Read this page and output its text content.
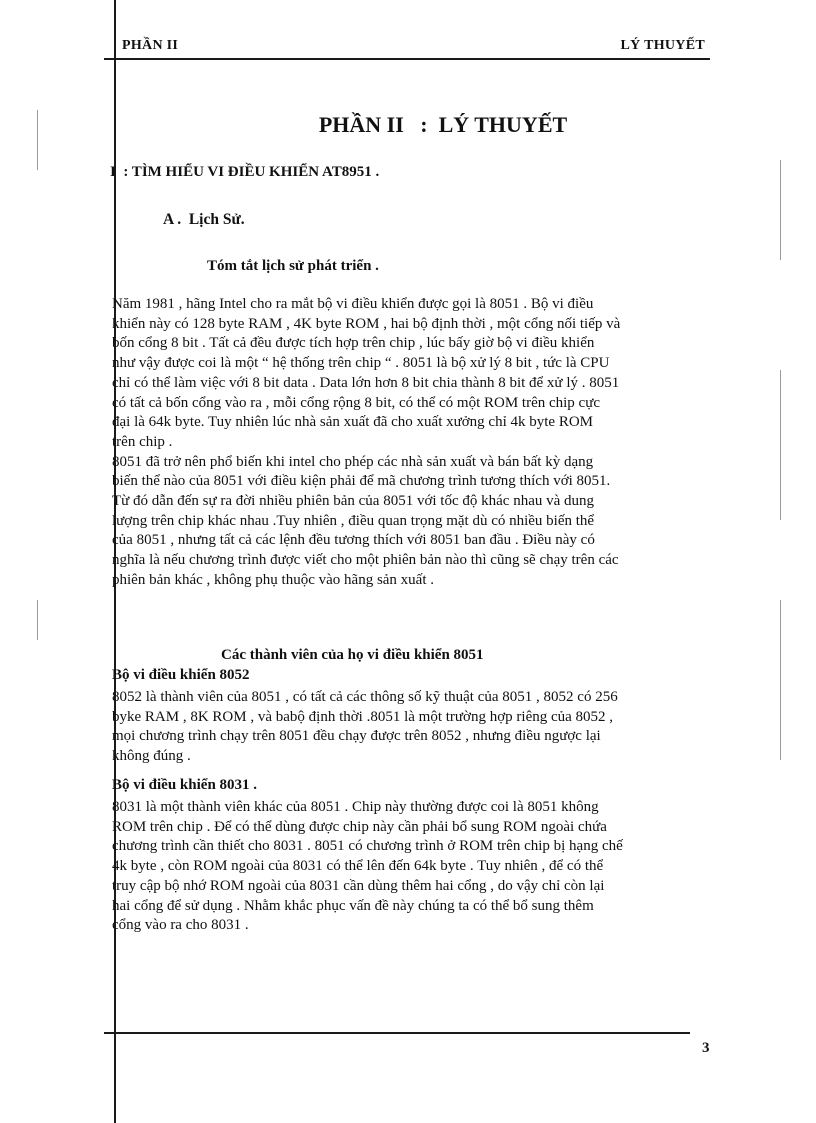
PHẦN II	LÝ THUYẾT
PHẦN II   :  LÝ THUYẾT
I  : TÌM HIỂU VI ĐIỀU KHIỂN AT8951 .
A .  Lịch Sử.
Tóm tắt lịch sử phát triển .
Năm 1981 , hãng Intel cho ra mắt bộ vi điều khiển được gọi là 8051 . Bộ vi điều
khiển này có 128 byte RAM , 4K byte ROM , hai bộ định thời , một cổng nối tiếp và
bốn cổng 8 bit . Tất cả đều được tích hợp trên chip , lúc bấy giờ bộ vi điều khiển
như vậy được coi là một “ hệ thống trên chip “ . 8051 là bộ xử lý 8 bit , tức là CPU
chỉ có thể làm việc với 8 bit data . Data lớn hơn 8 bit chia thành 8 bit để xử lý . 8051
có tất cả bốn cổng vào ra , mỗi cổng rộng 8 bit, có thể có một ROM trên chip cực
đại là 64k byte. Tuy nhiên lúc nhà sản xuất đã cho xuất xưởng chỉ 4k byte ROM
trên chip .
8051 đã trở nên phổ biến khi intel cho phép các nhà sản xuất và bán bất kỳ dạng
biến thể nào của 8051 với điều kiện phải để mã chương trình tương thích với 8051.
Từ đó dẫn đến sự ra đời nhiều phiên bản của 8051 với tốc độ khác nhau và dung
lượng trên chip khác nhau .Tuy nhiên , điều quan trọng mặt dù có nhiều biến thể
của 8051 , nhưng tất cả các lệnh đều tương thích với 8051 ban đầu . Điều này có
nghĩa là nếu chương trình được viết cho một phiên bản nào thì cũng sẽ chạy trên các
phiên bản khác , không phụ thuộc vào hãng sản xuất .
Các thành viên của họ vi điều khiển 8051
Bộ vi điều khiển 8052
8052 là thành viên của 8051 , có tất cả các thông số kỹ thuật của 8051 , 8052 có 256
byke RAM , 8K ROM , và babộ định thời .8051 là một trường hợp riêng của 8052 ,
mọi chương trình chạy trên 8051 đều chạy được trên 8052 , nhưng điều ngược lại
không đúng .
Bộ vi điều khiển 8031 .
8031 là một thành viên khác của 8051 . Chip này thường được coi là 8051 không
ROM trên chip . Để có thể dùng được chip này cần phải bổ sung ROM ngoài chứa
chương trình cần thiết cho 8031 . 8051 có chương trình ở ROM trên chip bị hạng chế
4k byte , còn ROM ngoài của 8031 có thể lên đến 64k byte . Tuy nhiên , để có thể
truy cập bộ nhớ ROM ngoài của 8031 cần dùng thêm hai cổng , do vậy chỉ còn lại
hai cổng để sử dụng . Nhằm khắc phục vấn đề này chúng ta có thể bổ sung thêm
cổng vào ra cho 8031 .
3
